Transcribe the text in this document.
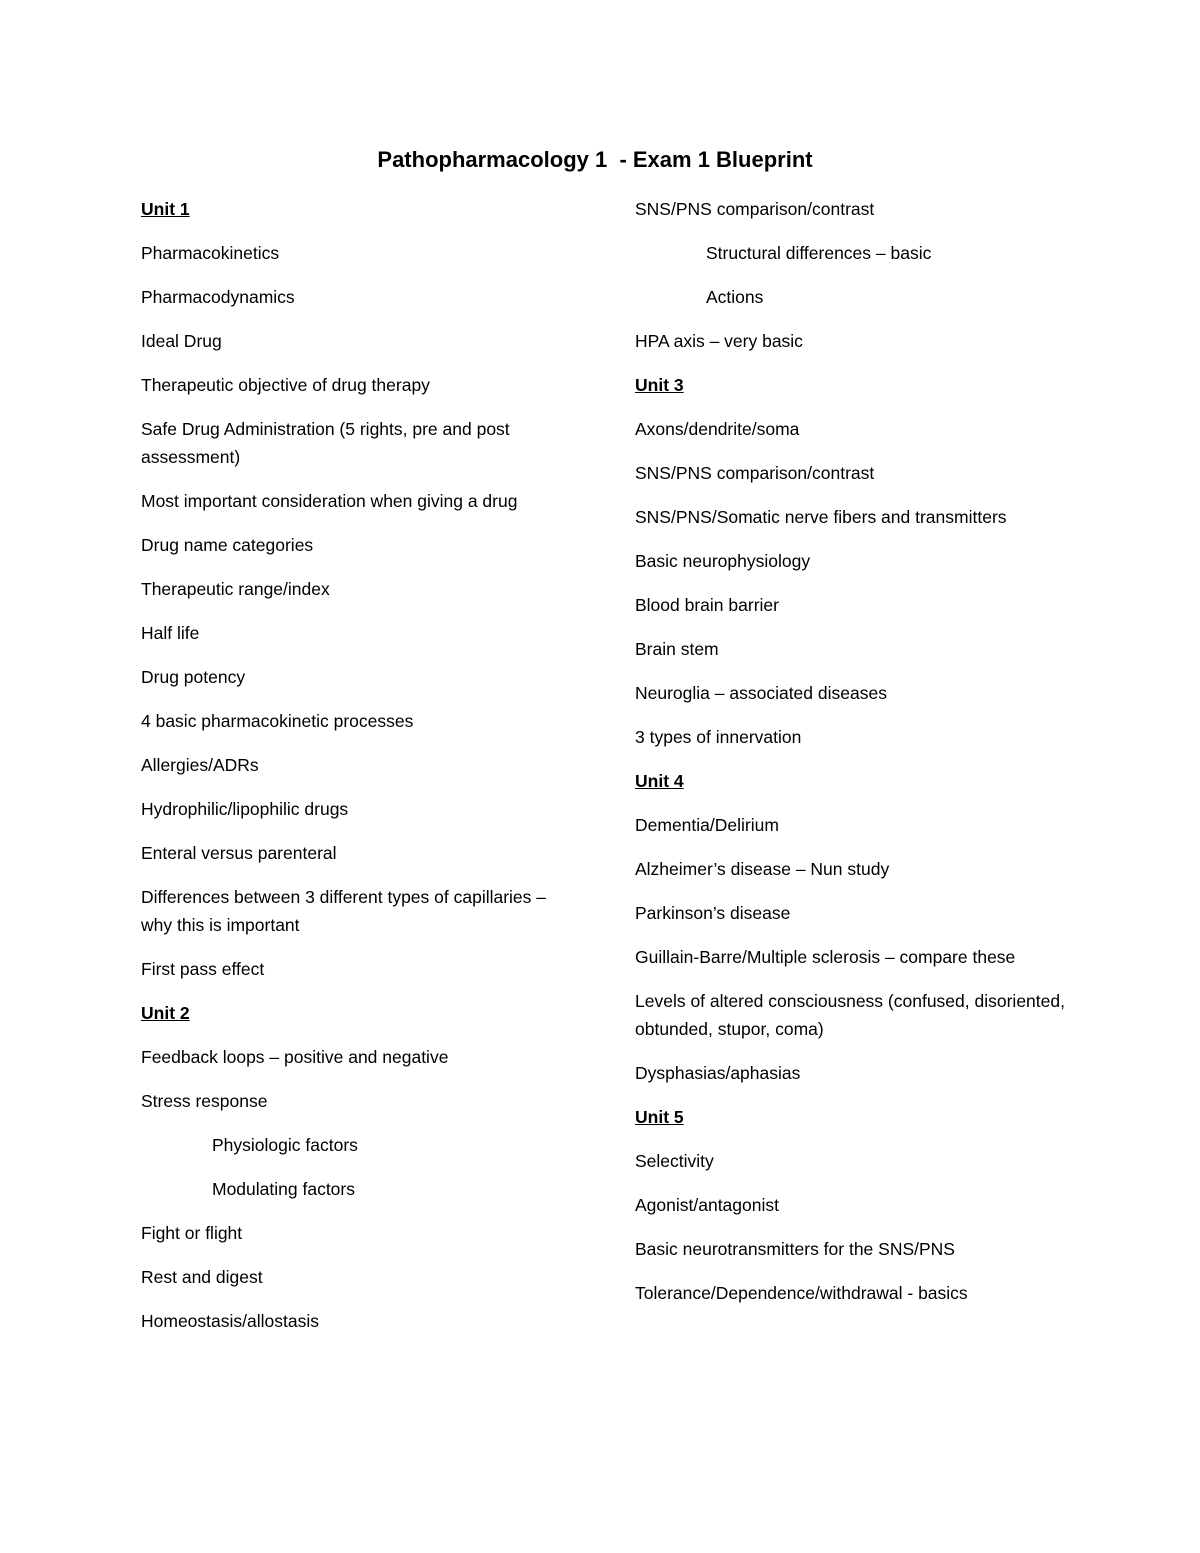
Pathopharmacology 1  - Exam 1 Blueprint
Unit 1
Pharmacokinetics
Pharmacodynamics
Ideal Drug
Therapeutic objective of drug therapy
Safe Drug Administration (5 rights, pre and post assessment)
Most important consideration when giving a drug
Drug name categories
Therapeutic range/index
Half life
Drug potency
4 basic pharmacokinetic processes
Allergies/ADRs
Hydrophilic/lipophilic drugs
Enteral versus parenteral
Differences between 3 different types of capillaries – why this is important
First pass effect
Unit 2
Feedback loops – positive and negative
Stress response
Physiologic factors
Modulating factors
Fight or flight
Rest and digest
Homeostasis/allostasis
SNS/PNS comparison/contrast
Structural differences – basic
Actions
HPA axis – very basic
Unit 3
Axons/dendrite/soma
SNS/PNS comparison/contrast
SNS/PNS/Somatic nerve fibers and transmitters
Basic neurophysiology
Blood brain barrier
Brain stem
Neuroglia – associated diseases
3 types of innervation
Unit 4
Dementia/Delirium
Alzheimer’s disease – Nun study
Parkinson’s disease
Guillain-Barre/Multiple sclerosis – compare these
Levels of altered consciousness (confused, disoriented, obtunded, stupor, coma)
Dysphasias/aphasias
Unit 5
Selectivity
Agonist/antagonist
Basic neurotransmitters for the SNS/PNS
Tolerance/Dependence/withdrawal - basics
